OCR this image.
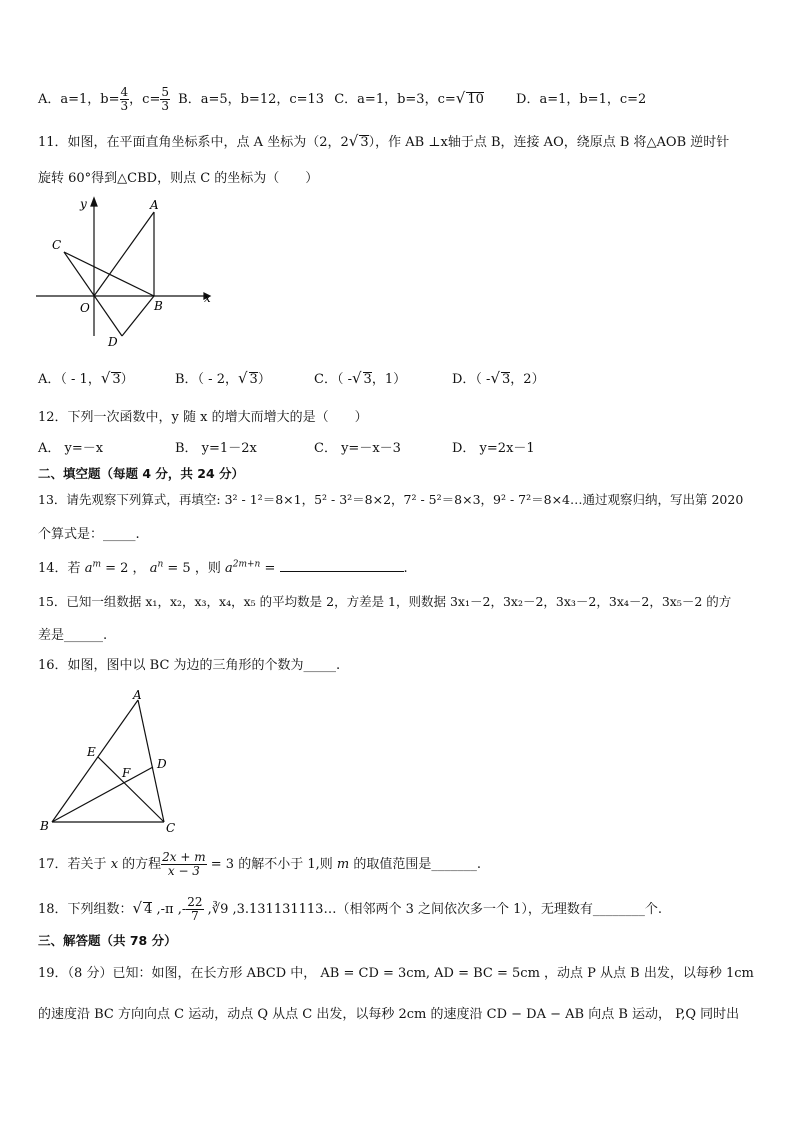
A．a=1，$b= \frac{4}{3}$ ，$c= \frac{5}{3}$ B．a=5，b=12，c=13 C．a=1，b=3，c=√ 10 D．a=1，b=1，c=2
11．如图，在平面直角坐标系中，点 A 坐标为（2，2√ 3），作 AB ⊥x轴于点 B，连接 AO，绕原点 B 将△AOB 逆时针
旋转 60°得到△CBD，则点 C 的坐标为（　　）
y
x
A
C
O	B
D
A．（ - 1，√ 3）	B．（ - 2，√ 3）	C．（ -√ 3，1）	D．（ -√ 3，2）
12．下列一次函数中，y 随 x 的增大而增大的是（　　）
A． y=－x	B． y=1－2x	C． y=－x－3	D． y=2x－1
二、填空题（每题 4 分，共 24 分）
13．请先观察下列算式，再填空: 3² - 1²＝8×1，5² - 3²＝8×2，7² - 5²＝8×3，9² - 7²＝8×4…通过观察归纳，写出第 2020
个算式是：_____.
14．若 $a^m = 2$ ， $a^n = 5$ ，则 $a^{2m+n}$ =	.
15．已知一组数据 x₁，x₂，x₃，x₄，x₅ 的平均数是 2，方差是 1，则数据 3x₁－2，3x₂－2，3x₃－2，3x₄－2，3x₅－2 的方
差是______.
16．如图，图中以 BC 为边的三角形的个数为_____.
A
E
D
F
B	C
17．若关于 x 的方程 $\frac{2x + m}{x - 3} = 3$ 的解不小于 1,则 m 的取值范围是_______.
18．下列组数：√ 4 ,-π ,- $\frac{22}{7}$ ,∛9 ,3.131131113…（相邻两个 3 之间依次多一个 1），无理数有________个.
三、解答题（共 78 分）
19．（8 分）已知：如图，在长方形 ABCD 中， AB = CD = 3cm, AD = BC = 5cm ，动点 P 从点 B 出发，以每秒 1cm
的速度沿 BC 方向向点 C 运动，动点 Q 从点 C 出发，以每秒 2cm 的速度沿 CD − DA − AB 向点 B 运动， P,Q 同时出
